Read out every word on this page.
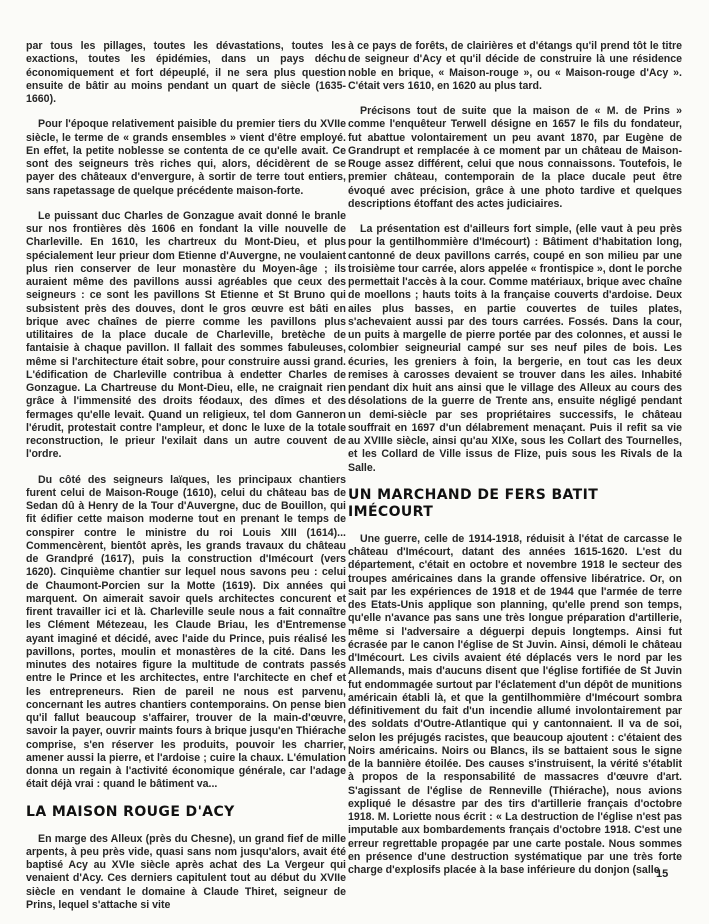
par tous les pillages, toutes les dévastations, toutes les exactions, toutes les épidémies, dans un pays déchu économiquement et fort dépeuplé, il ne sera plus question ensuite de bâtir au moins pendant un quart de siècle (1635-1660).

Pour l'époque relativement paisible du premier tiers du XVIIe siècle, le terme de « grands ensembles » vient d'être employé. En effet, la petite noblesse se contenta de ce qu'elle avait. Ce sont des seigneurs très riches qui, alors, décidèrent de se payer des châteaux d'envergure, à sortir de terre tout entiers, sans rapetassage de quelque précédente maison-forte.

Le puissant duc Charles de Gonzague avait donné le branle sur nos frontières dès 1606 en fondant la ville nouvelle de Charleville. En 1610, les chartreux du Mont-Dieu, et plus spécialement leur prieur dom Etienne d'Auvergne, ne voulaient plus rien conserver de leur monastère du Moyen-âge ; ils auraient même des pavillons aussi agréables que ceux des seigneurs : ce sont les pavillons St Etienne et St Bruno qui subsistent près des douves, dont le gros œuvre est bâti en brique avec chaînes de pierre comme les pavillons plus utilitaires de la place ducale de Charleville, bretèche de fantaisie à chaque pavillon. Il fallait des sommes fabuleuses, même si l'architecture était sobre, pour construire aussi grand. L'édification de Charleville contribua à endetter Charles de Gonzague. La Chartreuse du Mont-Dieu, elle, ne craignait rien grâce à l'immensité des droits féodaux, des dîmes et des fermages qu'elle levait. Quand un religieux, tel dom Ganneron l'érudit, protestait contre l'ampleur, et donc le luxe de la totale reconstruction, le prieur l'exilait dans un autre couvent de l'ordre.

Du côté des seigneurs laïques, les principaux chantiers furent celui de Maison-Rouge (1610), celui du château bas de Sedan dû à Henry de la Tour d'Auvergne, duc de Bouillon, qui fit édifier cette maison moderne tout en prenant le temps de conspirer contre le ministre du roi Louis XIII (1614)... Commencèrent, bientôt après, les grands travaux du château de Grandpré (1617), puis la construction d'Imécourt (vers 1620). Cinquième chantier sur lequel nous savons peu : celui de Chaumont-Porcien sur la Motte (1619). Dix années qui marquent. On aimerait savoir quels architectes concurent et firent travailler ici et là. Charleville seule nous a fait connaître les Clément Métezeau, les Claude Briau, les d'Entremense ayant imaginé et décidé, avec l'aide du Prince, puis réalisé les pavillons, portes, moulin et monastères de la cité. Dans les minutes des notaires figure la multitude de contrats passés entre le Prince et les architectes, entre l'architecte en chef et les entrepreneurs. Rien de pareil ne nous est parvenu, concernant les autres chantiers contemporains. On pense bien qu'il fallut beaucoup s'affairer, trouver de la main-d'œuvre, savoir la payer, ouvrir maints fours à brique jusqu'en Thiérache comprise, s'en réserver les produits, pouvoir les charrier, amener aussi la pierre, et l'ardoise ; cuire la chaux. L'émulation donna un regain à l'activité économique générale, car l'adage était déjà vrai : quand le bâtiment va...

LA MAISON ROUGE D'ACY

En marge des Alleux (près du Chesne), un grand fief de mille arpents, à peu près vide, quasi sans nom jusqu'alors, avait été baptisé Acy au XVIe siècle après achat des La Vergeur qui venaient d'Acy. Ces derniers capitulent tout au début du XVIIe siècle en vendant le domaine à Claude Thiret, seigneur de Prins, lequel s'attache si vite

à ce pays de forêts, de clairières et d'étangs qu'il prend tôt le titre de seigneur d'Acy et qu'il décide de construire là une résidence noble en brique, « Maison-rouge », ou « Maison-rouge d'Acy ». C'était vers 1610, en 1620 au plus tard.

Précisons tout de suite que la maison de « M. de Prins » comme l'enquêteur Terwell désigne en 1657 le fils du fondateur, fut abattue volontairement un peu avant 1870, par Eugène de Grandrupt et remplacée à ce moment par un château de Maison-Rouge assez différent, celui que nous connaissons. Toutefois, le premier château, contemporain de la place ducale peut être évoqué avec précision, grâce à une photo tardive et quelques descriptions étoffant des actes judiciaires.

La présentation est d'ailleurs fort simple, (elle vaut à peu près pour la gentilhommière d'Imécourt) : Bâtiment d'habitation long, cantonné de deux pavillons carrés, coupé en son milieu par une troisième tour carrée, alors appelée « frontispice », dont le porche permettait l'accès à la cour. Comme matériaux, brique avec chaîne de moellons ; hauts toits à la française couverts d'ardoise. Deux ailes plus basses, en partie couvertes de tuiles plates, s'achevaient aussi par des tours carrées. Fossés. Dans la cour, un puits à margelle de pierre portée par des colonnes, et aussi le colombier seigneurial campé sur ses neuf piles de bois. Les écuries, les greniers à foin, la bergerie, en tout cas les deux remises à carosses devaient se trouver dans les ailes. Inhabité pendant dix huit ans ainsi que le village des Alleux au cours des désolations de la guerre de Trente ans, ensuite négligé pendant un demi-siècle par ses propriétaires successifs, le château souffrait en 1697 d'un délabrement menaçant. Puis il refit sa vie au XVIIIe siècle, ainsi qu'au XIXe, sous les Collart des Tournelles, et les Collard de Ville issus de Flize, puis sous les Rivals de la Salle.

UN MARCHAND DE FERS BATIT IMÉCOURT

Une guerre, celle de 1914-1918, réduisit à l'état de carcasse le château d'Imécourt, datant des années 1615-1620. L'est du département, c'était en octobre et novembre 1918 le secteur des troupes américaines dans la grande offensive libératrice. Or, on sait par les expériences de 1918 et de 1944 que l'armée de terre des Etats-Unis applique son planning, qu'elle prend son temps, qu'elle n'avance pas sans une très longue préparation d'artillerie, même si l'adversaire a déguerpi depuis longtemps. Ainsi fut écrasée par le canon l'église de St Juvin. Ainsi, démoli le château d'Imécourt. Les civils avaient été déplacés vers le nord par les Allemands, mais d'aucuns disent que l'église fortifiée de St Juvin fut endommagée surtout par l'éclatement d'un dépôt de munitions américain établi là, et que la gentilhommière d'Imécourt sombra définitivement du fait d'un incendie allumé involontairement par des soldats d'Outre-Atlantique qui y cantonnaient. Il va de soi, selon les préjugés racistes, que beaucoup ajoutent : c'étaient des Noirs américains. Noirs ou Blancs, ils se battaient sous le signe de la bannière étoilée. Des causes s'instruisent, la vérité s'établit à propos de la responsabilité de massacres d'œuvre d'art. S'agissant de l'église de Renneville (Thiérache), nous avions expliqué le désastre par des tirs d'artillerie français d'octobre 1918. M. Loriette nous écrit : « La destruction de l'église n'est pas imputable aux bombardements français d'octobre 1918. C'est une erreur regrettable propagée par une carte postale. Nous sommes en présence d'une destruction systématique par une très forte charge d'explosifs placée à la base inférieure du donjon (salle

15
